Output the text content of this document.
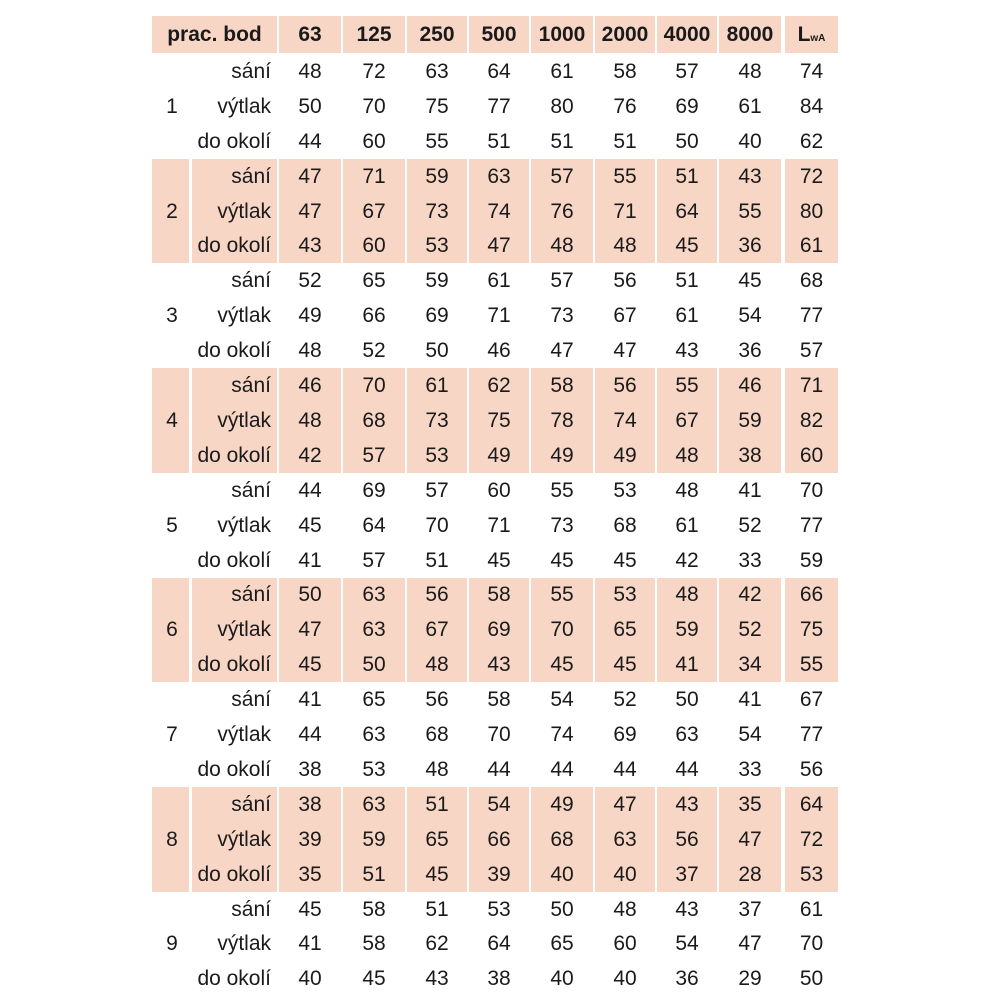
prac. bod	63	125	250	500	1000 2000 4000 8000	L wA
1
sání	48	72	63	64	61	58	57	48	74
výtlak	50	70	75	77	80	76	69	61	84
do okolí	44	60	55	51	51	51	50	40	62
2
sání	47	71	59	63	57	55	51	43	72
výtlak	47	67	73	74	76	71	64	55	80
do okolí	43	60	53	47	48	48	45	36	61
3
sání	52	65	59	61	57	56	51	45	68
výtlak	49	66	69	71	73	67	61	54	77
do okolí	48	52	50	46	47	47	43	36	57
4
sání	46	70	61	62	58	56	55	46	71
výtlak	48	68	73	75	78	74	67	59	82
do okolí	42	57	53	49	49	49	48	38	60
5
sání	44	69	57	60	55	53	48	41	70
výtlak	45	64	70	71	73	68	61	52	77
do okolí	41	57	51	45	45	45	42	33	59
6
sání	50	63	56	58	55	53	48	42	66
výtlak	47	63	67	69	70	65	59	52	75
do okolí	45	50	48	43	45	45	41	34	55
7
sání	41	65	56	58	54	52	50	41	67
výtlak	44	63	68	70	74	69	63	54	77
do okolí	38	53	48	44	44	44	44	33	56
8
sání	38	63	51	54	49	47	43	35	64
výtlak	39	59	65	66	68	63	56	47	72
do okolí	35	51	45	39	40	40	37	28	53
9
sání	45	58	51	53	50	48	43	37	61
výtlak	41	58	62	64	65	60	54	47	70
do okolí	40	45	43	38	40	40	36	29	50
